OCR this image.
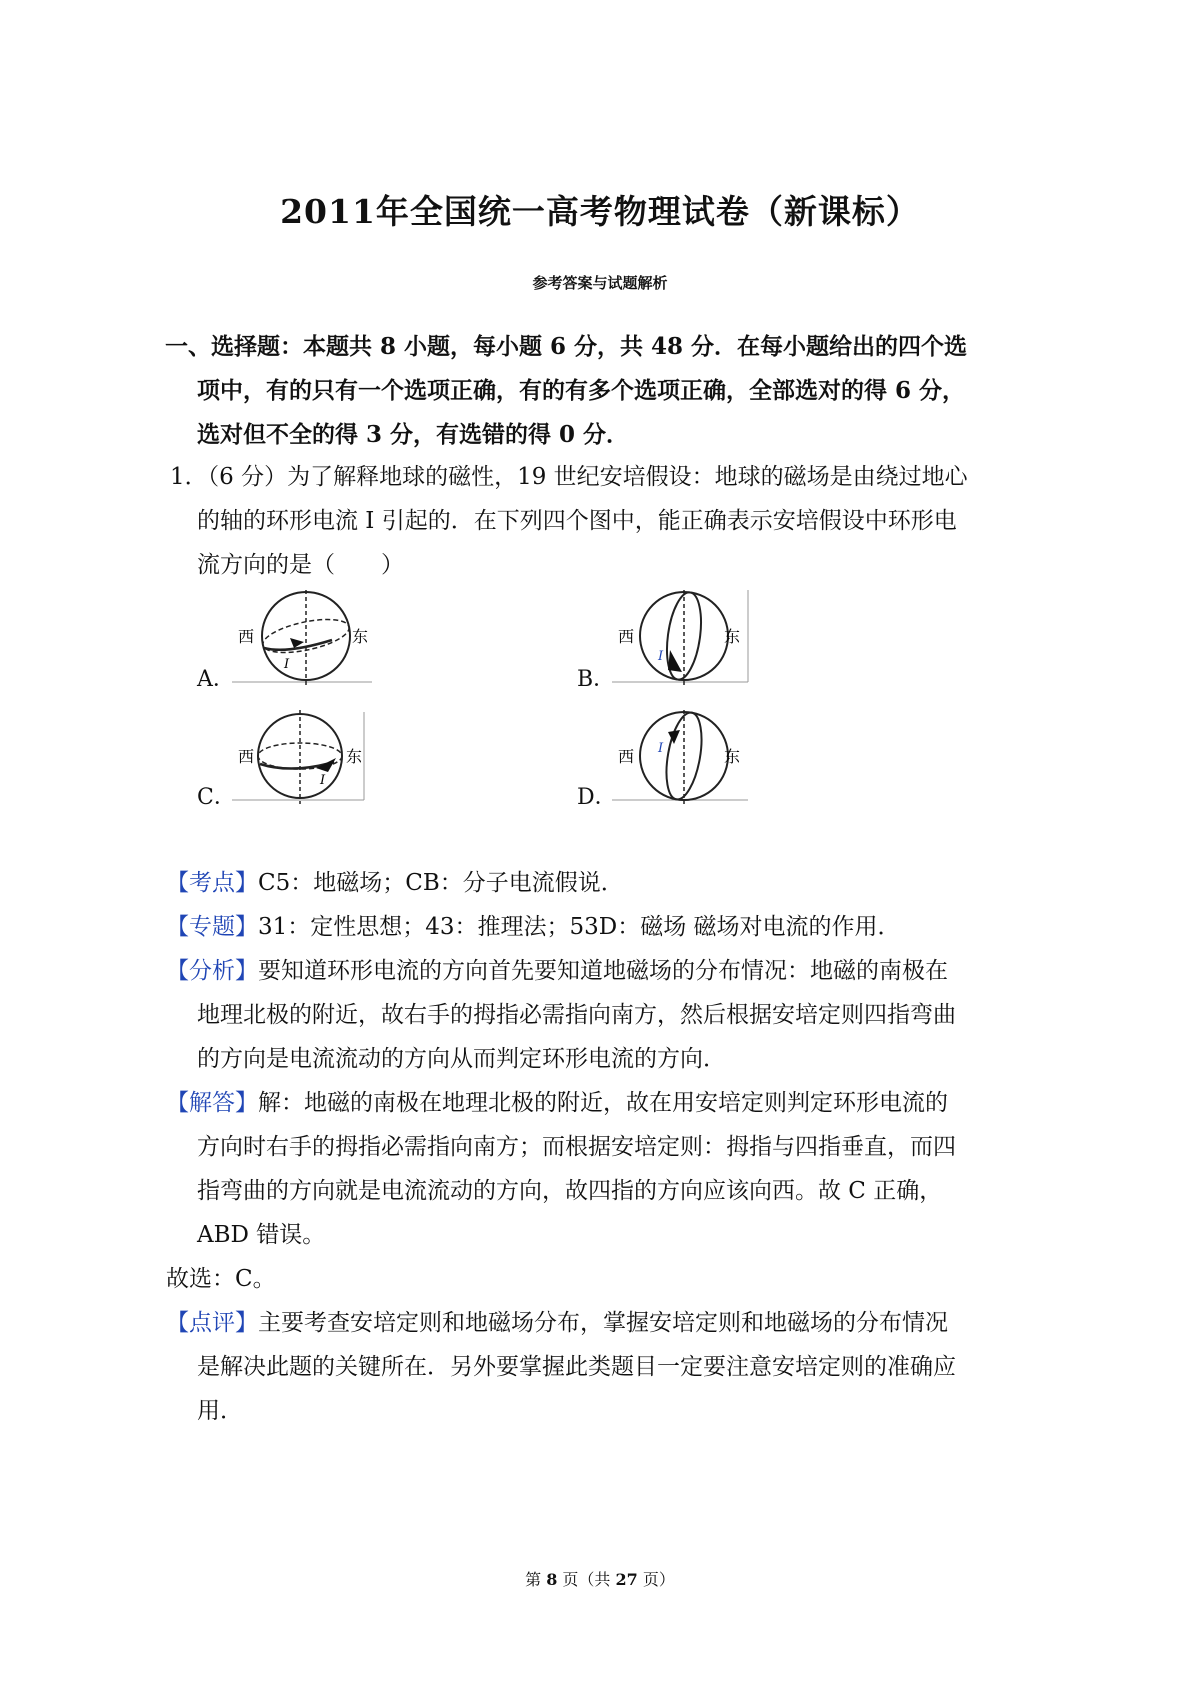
2011年全国统一高考物理试卷（新课标）
参考答案与试题解析
一、选择题：本题共 8 小题，每小题 6 分，共 48 分．在每小题给出的四个选
项中，有的只有一个选项正确，有的有多个选项正确，全部选对的得 6 分，
选对但不全的得 3 分，有选错的得 0 分．
1．（6 分）为了解释地球的磁性，19 世纪安培假设：地球的磁场是由绕过地心
的轴的环形电流 I 引起的．在下列四个图中，能正确表示安培假设中环形电
流方向的是（　　）
A．
西	东
I
B．
西	东
I
C．
西	东
I
D．
西	东
I
【考点】C5：地磁场；CB：分子电流假说．
【专题】31：定性思想；43：推理法；53D：磁场 磁场对电流的作用．
【分析】要知道环形电流的方向首先要知道地磁场的分布情况：地磁的南极在
地理北极的附近，故右手的拇指必需指向南方，然后根据安培定则四指弯曲
的方向是电流流动的方向从而判定环形电流的方向．
【解答】解：地磁的南极在地理北极的附近，故在用安培定则判定环形电流的
方向时右手的拇指必需指向南方；而根据安培定则：拇指与四指垂直，而四
指弯曲的方向就是电流流动的方向，故四指的方向应该向西。故 C 正确，
ABD 错误。
故选：C。
【点评】主要考查安培定则和地磁场分布，掌握安培定则和地磁场的分布情况
是解决此题的关键所在．另外要掌握此类题目一定要注意安培定则的准确应
用．
第 8 页（共 27 页）
